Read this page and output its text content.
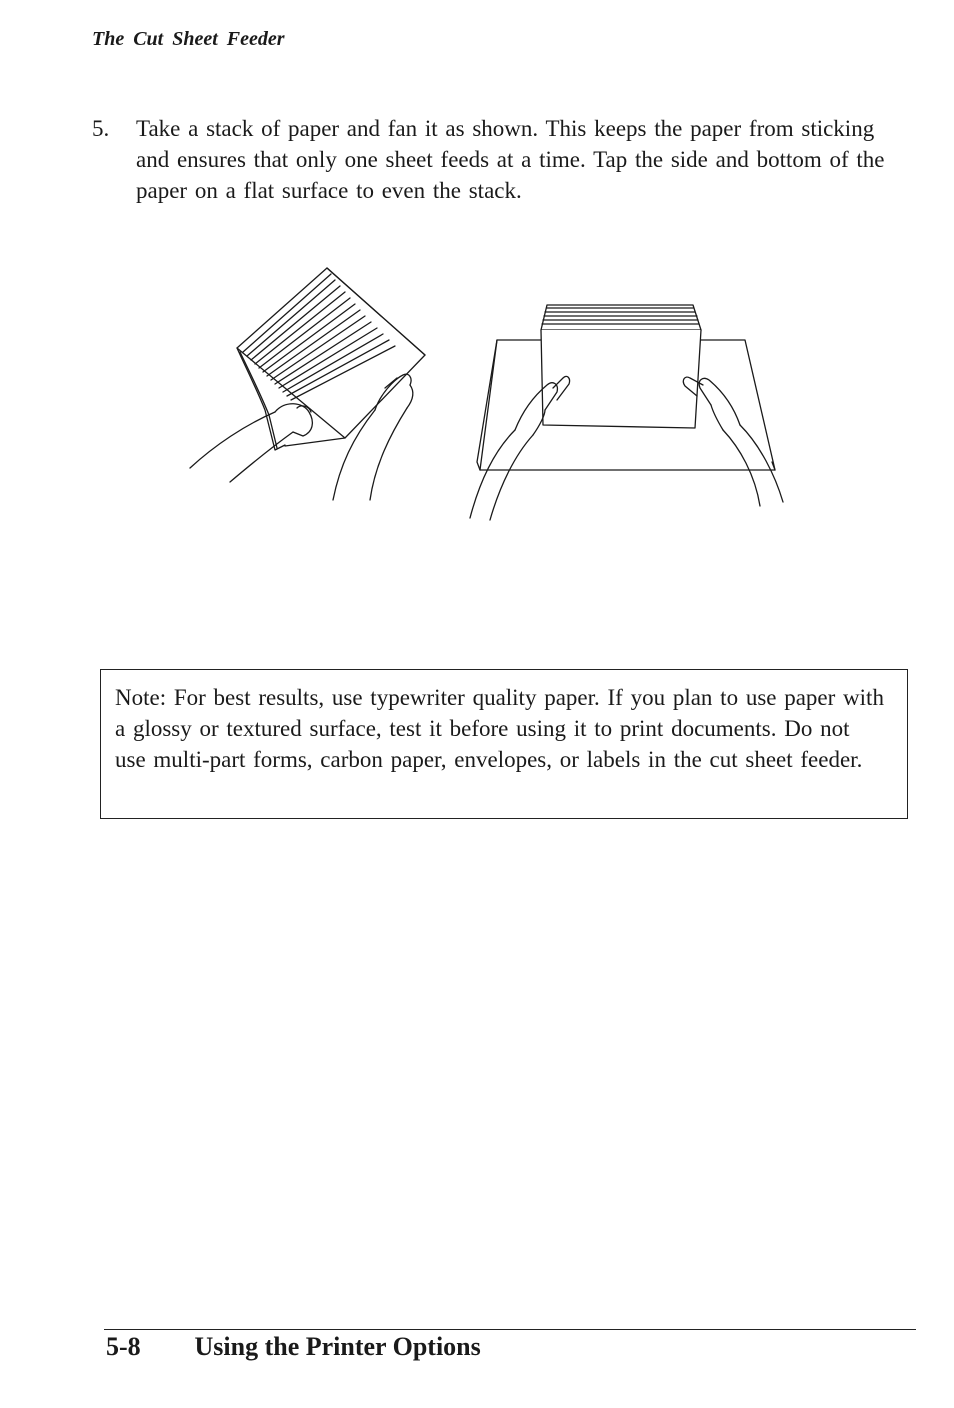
The Cut Sheet Feeder
5. Take a stack of paper and fan it as shown. This keeps the paper from sticking and ensures that only one sheet feeds at a time. Tap the side and bottom of the paper on a flat surface to even the stack.
Note: For best results, use typewriter quality paper. If you plan to use paper with a glossy or textured surface, test it before using it to print documents. Do not use multi-part forms, carbon paper, envelopes, or labels in the cut sheet feeder.
5-8 Using the Printer Options
